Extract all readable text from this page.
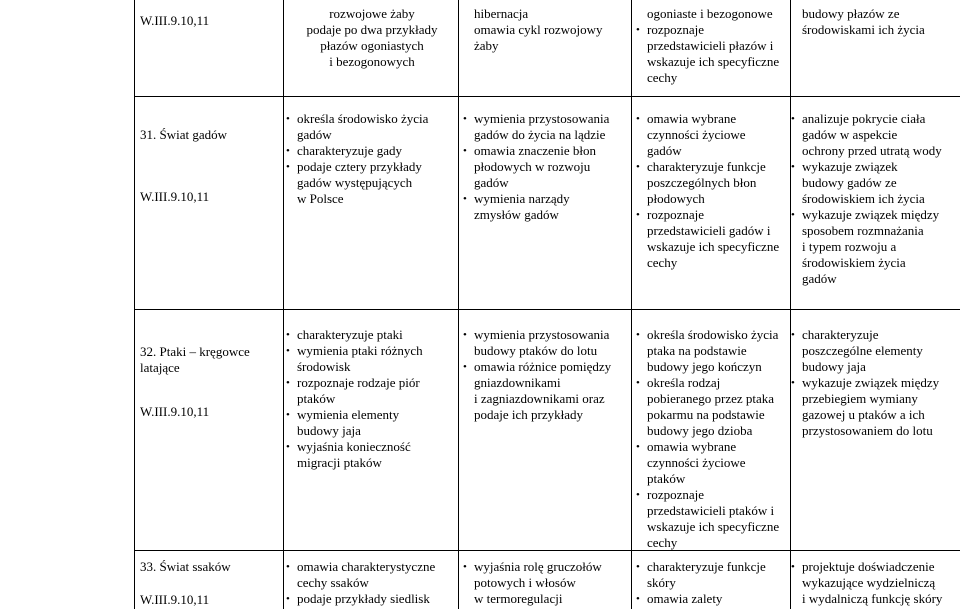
W.III.9.10,11	rozwojowe żaby
podaje po dwa przykłady
płazów ogoniastych
i bezogonowych
hibernacja
omawia cykl rozwojowy
żaby
ogoniaste i bezogonowe
• rozpoznaje
przedstawicieli płazów i
wskazuje ich specyficzne
cechy
budowy płazów ze
środowiskami ich życia
31. Świat gadów
W.III.9.10,11
• określa środowisko życia
gadów
• charakteryzuje gady
• podaje cztery przykłady
gadów występujących
w Polsce
• wymienia przystosowania
gadów do życia na lądzie
• omawia znaczenie błon
płodowych w rozwoju
gadów
• wymienia narządy
zmysłów gadów
• omawia wybrane
czynności życiowe
gadów
• charakteryzuje funkcje
poszczególnych błon
płodowych
• rozpoznaje
przedstawicieli gadów i
wskazuje ich specyficzne
cechy
• analizuje pokrycie ciała
gadów w aspekcie
ochrony przed utratą wody
• wykazuje związek
budowy gadów ze
środowiskiem ich życia
• wykazuje związek między
sposobem rozmnażania
i typem rozwoju a
środowiskiem życia
gadów
32. Ptaki – kręgowce latające
W.III.9.10,11
• charakteryzuje ptaki
• wymienia ptaki różnych
środowisk
• rozpoznaje rodzaje piór
ptaków
• wymienia elementy
budowy jaja
• wyjaśnia konieczność
migracji ptaków
• wymienia przystosowania
budowy ptaków do lotu
• omawia różnice pomiędzy
gniazdownikami
i zagniazdownikami oraz
podaje ich przykłady
• określa środowisko życia
ptaka na podstawie
budowy jego kończyn
• określa rodzaj
pobieranego przez ptaka
pokarmu na podstawie
budowy jego dzioba
• omawia wybrane
czynności życiowe
ptaków
• rozpoznaje
przedstawicieli ptaków i
wskazuje ich specyficzne
cechy
• charakteryzuje
poszczególne elementy
budowy jaja
• wykazuje związek między
przebiegiem wymiany
gazowej u ptaków a ich
przystosowaniem do lotu
33. Świat ssaków
W.III.9.10,11
• omawia charakterystyczne
cechy ssaków
• podaje przykłady siedlisk
• wyjaśnia rolę gruczołów
potowych i włosów
w termoregulacji
• charakteryzuje funkcje
skóry
• omawia zalety
• projektuje doświadczenie
wykazujące wydzielniczą
i wydalniczą funkcję skóry
